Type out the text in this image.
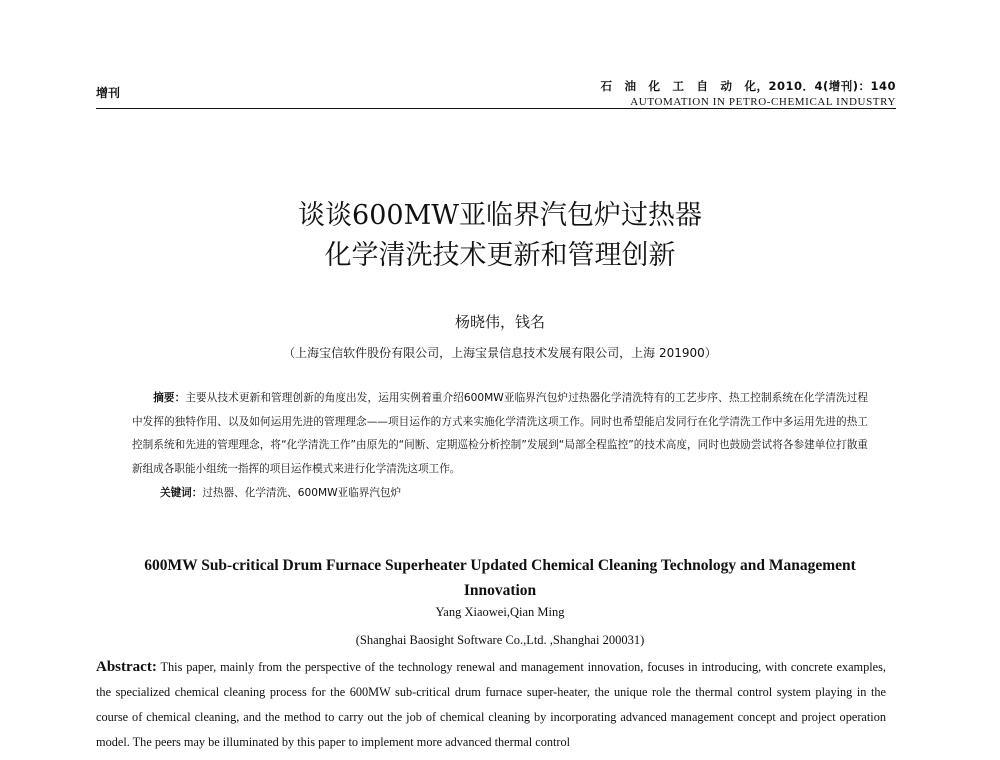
增刊	石　油　化　工　自　动　化，2010．4(增刊)：140
AUTOMATION IN PETRO-CHEMICAL INDUSTRY
谈谈600MW亚临界汽包炉过热器
化学清洗技术更新和管理创新
杨晓伟，钱名
（上海宝信软件股份有限公司，上海宝景信息技术发展有限公司，上海 201900）
摘要：主要从技术更新和管理创新的角度出发，运用实例着重介绍600MW亚临界汽包炉过热器化学清洗特有的工艺步序、热工控制系统在化学清洗过程中发挥的独特作用、以及如何运用先进的管理理念——项目运作的方式来实施化学清洗这项工作。同时也希望能启发同行在化学清洗工作中多运用先进的热工控制系统和先进的管理理念，将“化学清洗工作”由原先的“间断、定期巡检分析控制”发展到“局部全程监控”的技术高度，同时也鼓励尝试将各参建单位打散重新组成各职能小组统一指挥的项目运作模式来进行化学清洗这项工作。
关键词：过热器、化学清洗、600MW亚临界汽包炉
600MW Sub-critical Drum Furnace Superheater Updated Chemical Cleaning Technology and Management
Innovation
Yang Xiaowei,Qian Ming
(Shanghai Baosight Software Co.,Ltd. ,Shanghai 200031)
Abstract: This paper, mainly from the perspective of the technology renewal and management innovation, focuses in introducing, with concrete examples, the specialized chemical cleaning process for the 600MW sub-critical drum furnace super-heater, the unique role the thermal control system playing in the course of chemical cleaning, and the method to carry out the job of chemical cleaning by incorporating advanced management concept and project operation model. The peers may be illuminated by this paper to implement more advanced thermal control
